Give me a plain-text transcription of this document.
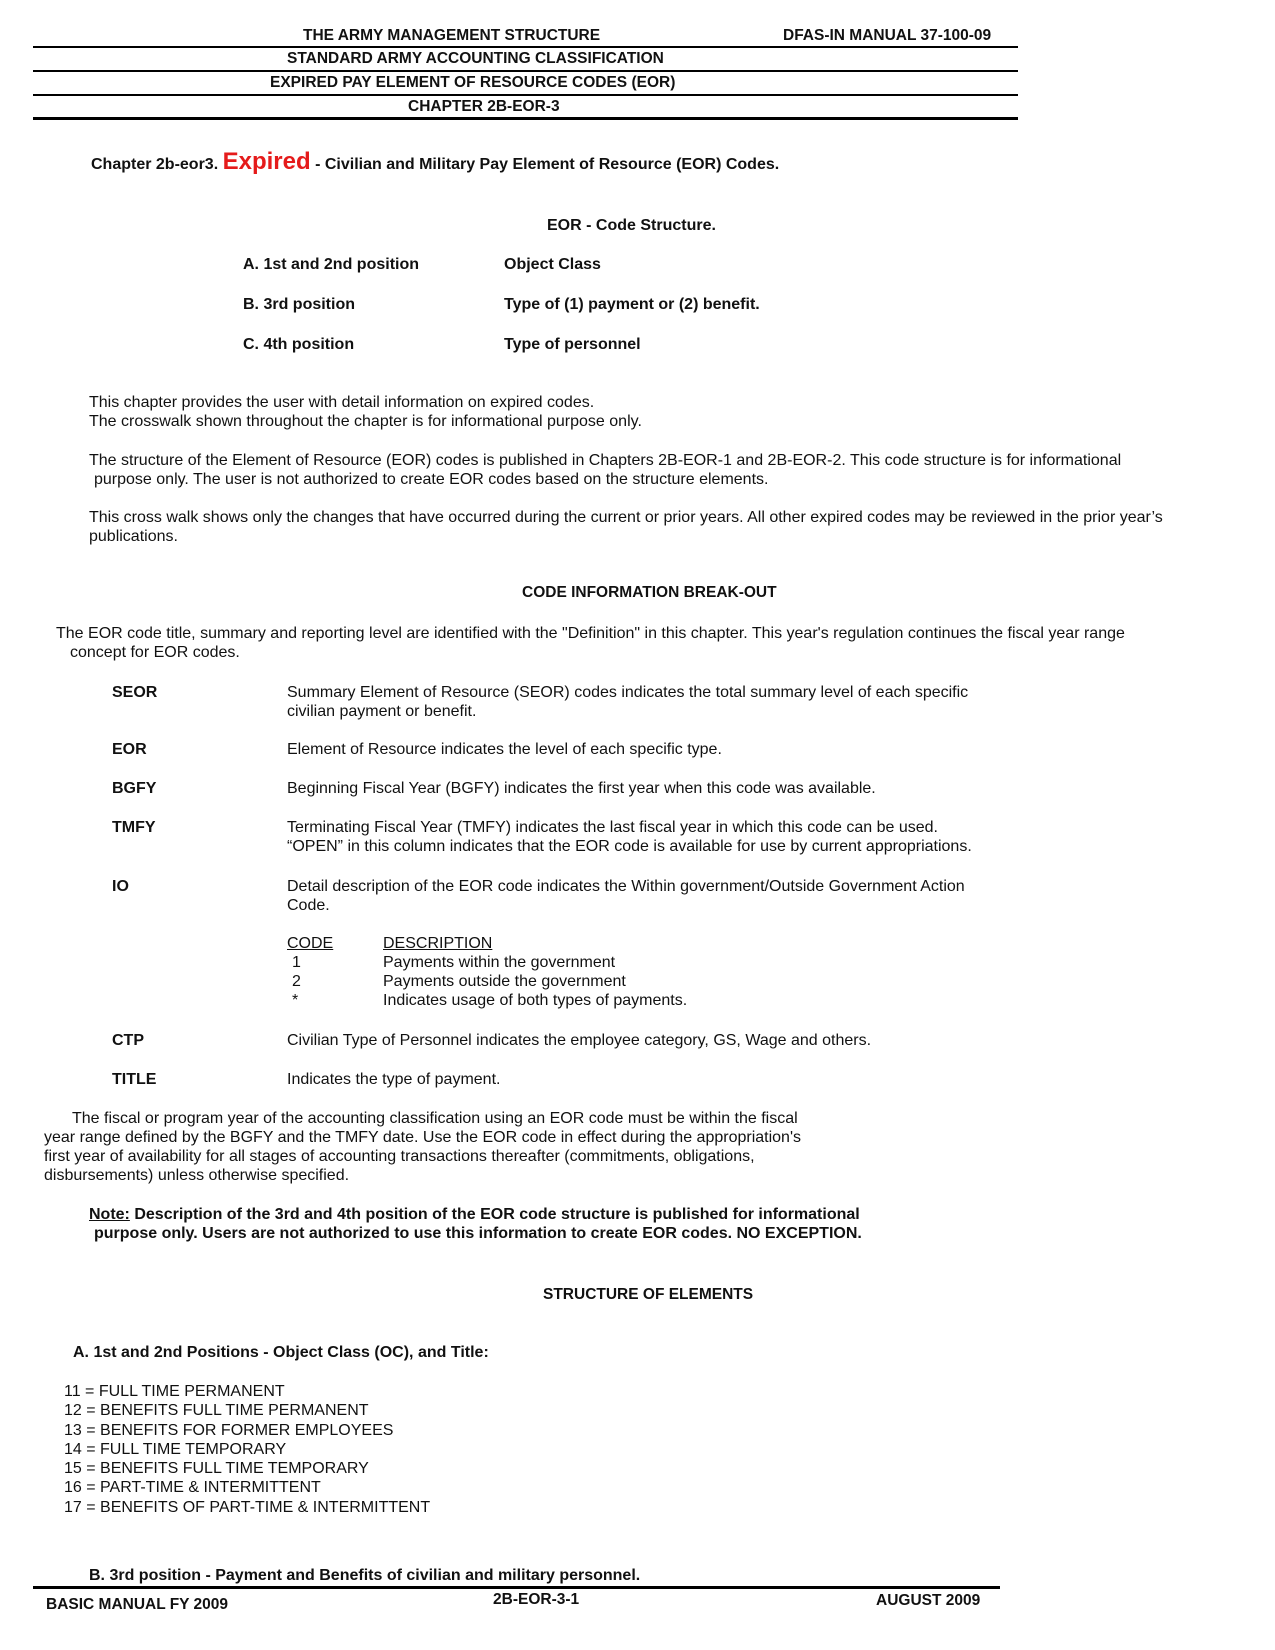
THE ARMY MANAGEMENT STRUCTURE	DFAS-IN MANUAL 37-100-09
STANDARD ARMY ACCOUNTING CLASSIFICATION
EXPIRED PAY ELEMENT OF RESOURCE CODES (EOR)
CHAPTER 2B-EOR-3
Chapter 2b-eor3. Expired - Civilian and Military Pay Element of Resource (EOR) Codes.
EOR - Code Structure.
A. 1st and 2nd position	Object Class
B. 3rd position	Type of (1) payment or (2) benefit.
C. 4th position	Type of personnel
This chapter provides the user with detail information on expired codes.
The crosswalk shown throughout the chapter is for informational purpose only.
The structure of the Element of Resource (EOR) codes is published in Chapters 2B-EOR-1 and 2B-EOR-2. This code structure is for informational
purpose only. The user is not authorized to create EOR codes based on the structure elements.
This cross walk shows only the changes that have occurred during the current or prior years. All other expired codes may be reviewed in the prior year’s
publications.
CODE INFORMATION BREAK-OUT
The EOR code title, summary and reporting level are identified with the "Definition" in this chapter. This year's regulation continues the fiscal year range
concept for EOR codes.
SEOR	Summary Element of Resource (SEOR) codes indicates the total summary level of each specific
civilian payment or benefit.
EOR	Element of Resource indicates the level of each specific type.
BGFY	Beginning Fiscal Year (BGFY) indicates the first year when this code was available.
TMFY	Terminating Fiscal Year (TMFY) indicates the last fiscal year in which this code can be used.
“OPEN” in this column indicates that the EOR code is available for use by current appropriations.
IO	Detail description of the EOR code indicates the Within government/Outside Government Action
Code.
CODE	DESCRIPTION
1	Payments within the government
2	Payments outside the government
*	Indicates usage of both types of payments.
CTP	Civilian Type of Personnel indicates the employee category, GS, Wage and others.
TITLE	Indicates the type of payment.
The fiscal or program year of the accounting classification using an EOR code must be within the fiscal
year range defined by the BGFY and the TMFY date. Use the EOR code in effect during the appropriation's
first year of availability for all stages of accounting transactions thereafter (commitments, obligations,
disbursements) unless otherwise specified.
Note: Description of the 3rd and 4th position of the EOR code structure is published for informational
purpose only. Users are not authorized to use this information to create EOR codes. NO EXCEPTION.
STRUCTURE OF ELEMENTS
A. 1st and 2nd Positions - Object Class (OC), and Title:
11 = FULL TIME PERMANENT
12 = BENEFITS FULL TIME PERMANENT
13 = BENEFITS FOR FORMER EMPLOYEES
14 = FULL TIME TEMPORARY
15 = BENEFITS FULL TIME TEMPORARY
16 = PART-TIME & INTERMITTENT
17 = BENEFITS OF PART-TIME & INTERMITTENT
B. 3rd position - Payment and Benefits of civilian and military personnel.
BASIC MANUAL FY 2009	2B-EOR-3-1	AUGUST 2009
